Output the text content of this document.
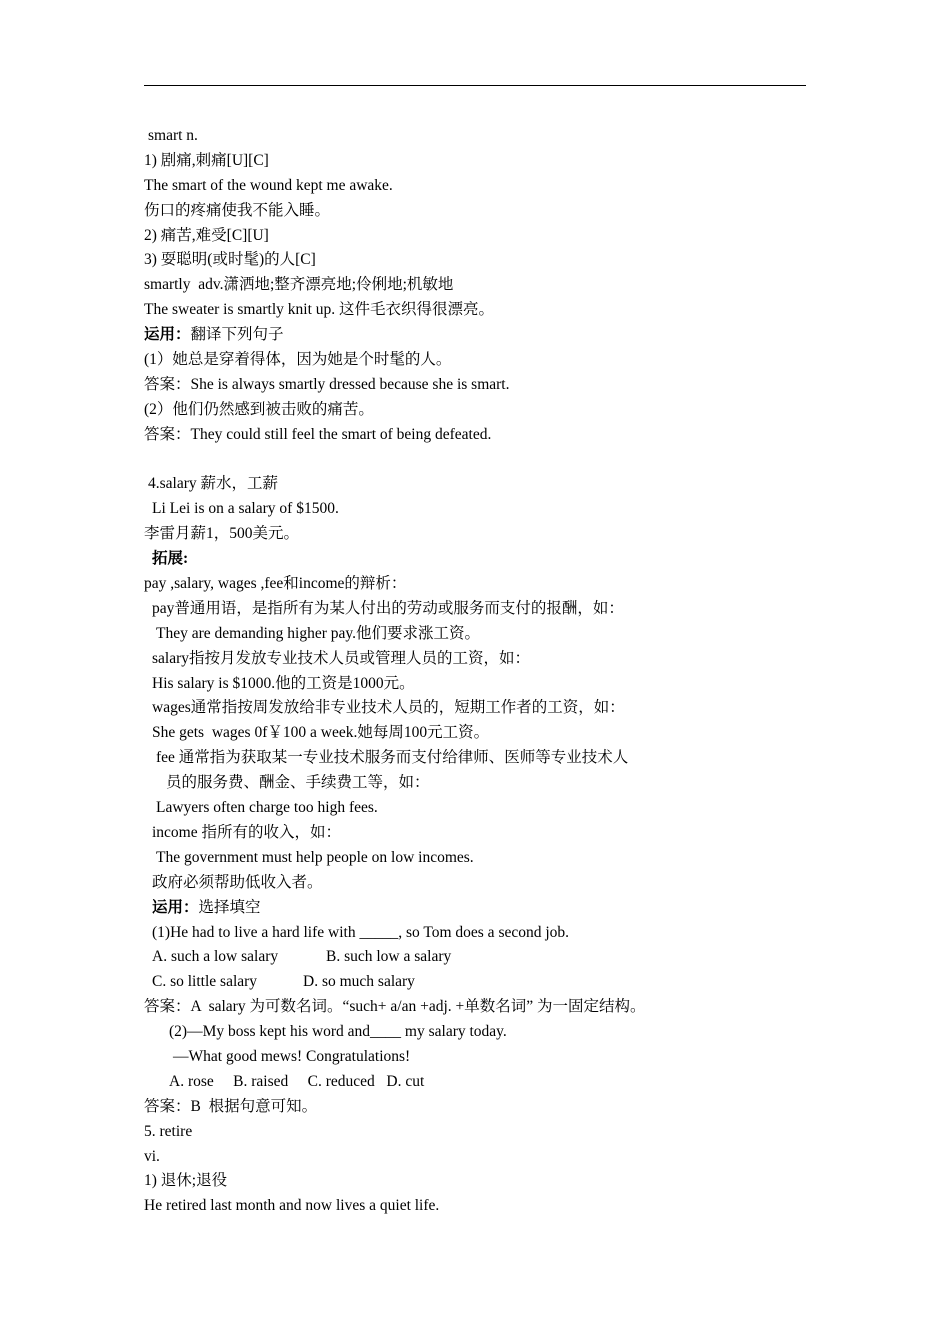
smart n.
1) 剧痛,刺痛[U][C]
The smart of the wound kept me awake.
伤口的疼痛使我不能入睡。
2) 痛苦,难受[C][U]
3) 耍聪明(或时髦)的人[C]
smartly  adv.潇洒地;整齐漂亮地;伶俐地;机敏地
The sweater is smartly knit up. 这件毛衣织得很漂亮。
运用：翻译下列句子
(1）她总是穿着得体，因为她是个时髦的人。
答案：She is always smartly dressed because she is smart.
(2）他们仍然感到被击败的痛苦。
答案：They could still feel the smart of being defeated.
4.salary 薪水，工薪
Li Lei is on a salary of $1500.
李雷月薪1，500美元。
拓展:
pay ,salary, wages ,fee和income的辩析：
pay普通用语，是指所有为某人付出的劳动或服务而支付的报酬，如：
They are demanding higher pay.他们要求涨工资。
salary指按月发放专业技术人员或管理人员的工资，如：
His salary is $1000.他的工资是1000元。
wages通常指按周发放给非专业技术人员的，短期工作者的工资，如：
She gets  wages 0f￥100 a week.她每周100元工资。
fee 通常指为获取某一专业技术服务而支付给律师、医师等专业技术人
员的服务费、酬金、手续费工等，如：
Lawyers often charge too high fees.
income 指所有的收入，如：
The government must help people on low incomes.
政府必须帮助低收入者。
运用：选择填空
(1)He had to live a hard life with _____, so Tom does a second job.
A. such a low salary	B. such low a salary
C. so little salary	D. so much salary
答案：A  salary 为可数名词。“such+ a/an +adj. +单数名词” 为一固定结构。
(2)—My boss kept his word and____ my salary today.
—What good mews! Congratulations!
A. rose     B. raised     C. reduced   D. cut
答案：B  根据句意可知。
5. retire
vi.
1) 退休;退役
He retired last month and now lives a quiet life.
